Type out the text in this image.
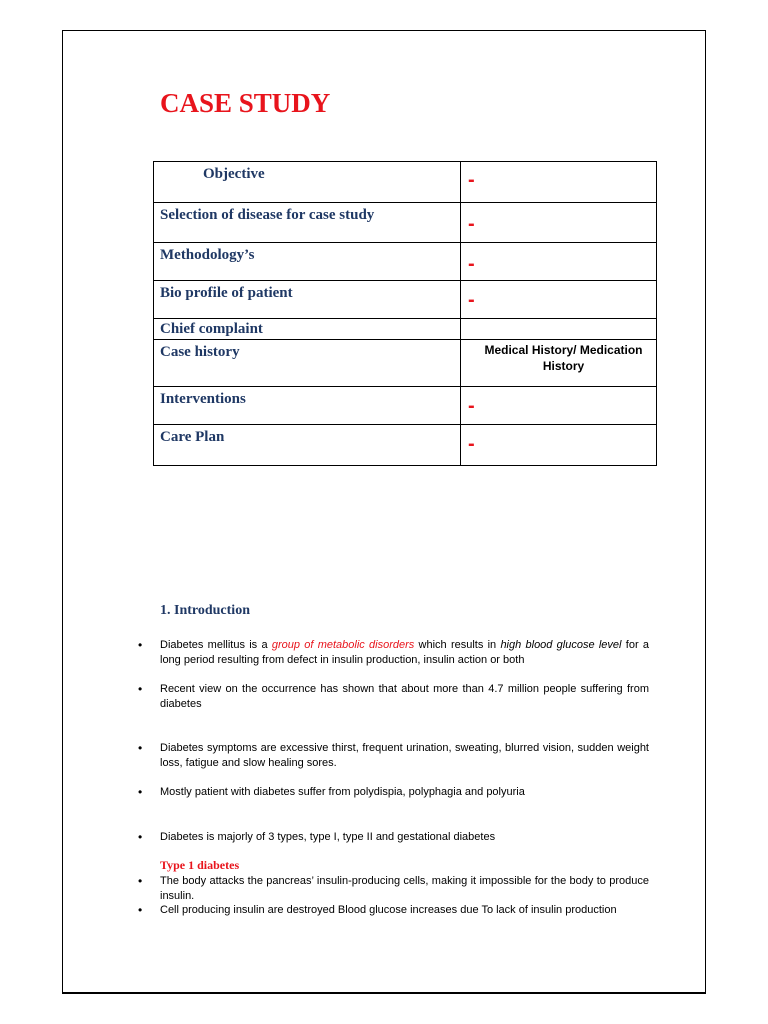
CASE STUDY
Objective	-

Selection of disease for case study	-

Methodology’s	-

Bio profile of patient	-

Chief complaint	
Case history	Medical History/ Medication History

Interventions	-

Care Plan	-
1. Introduction
• Diabetes mellitus is a group of metabolic disorders which results in high blood glucose level for a long period resulting from defect in insulin production, insulin action or both
• Recent view on the occurrence has shown that about more than 4.7 million people suffering from diabetes
• Diabetes symptoms are excessive thirst, frequent urination, sweating, blurred vision, sudden weight loss, fatigue and slow healing sores.
• Mostly patient with diabetes suffer from polydispia, polyphagia and polyuria
• Diabetes is majorly of 3 types, type I, type II and gestational diabetes
Type 1 diabetes
• The body attacks the pancreas’ insulin-producing cells, making it impossible for the body to produce insulin.
• Cell producing insulin are destroyed Blood glucose increases due To lack of insulin production
